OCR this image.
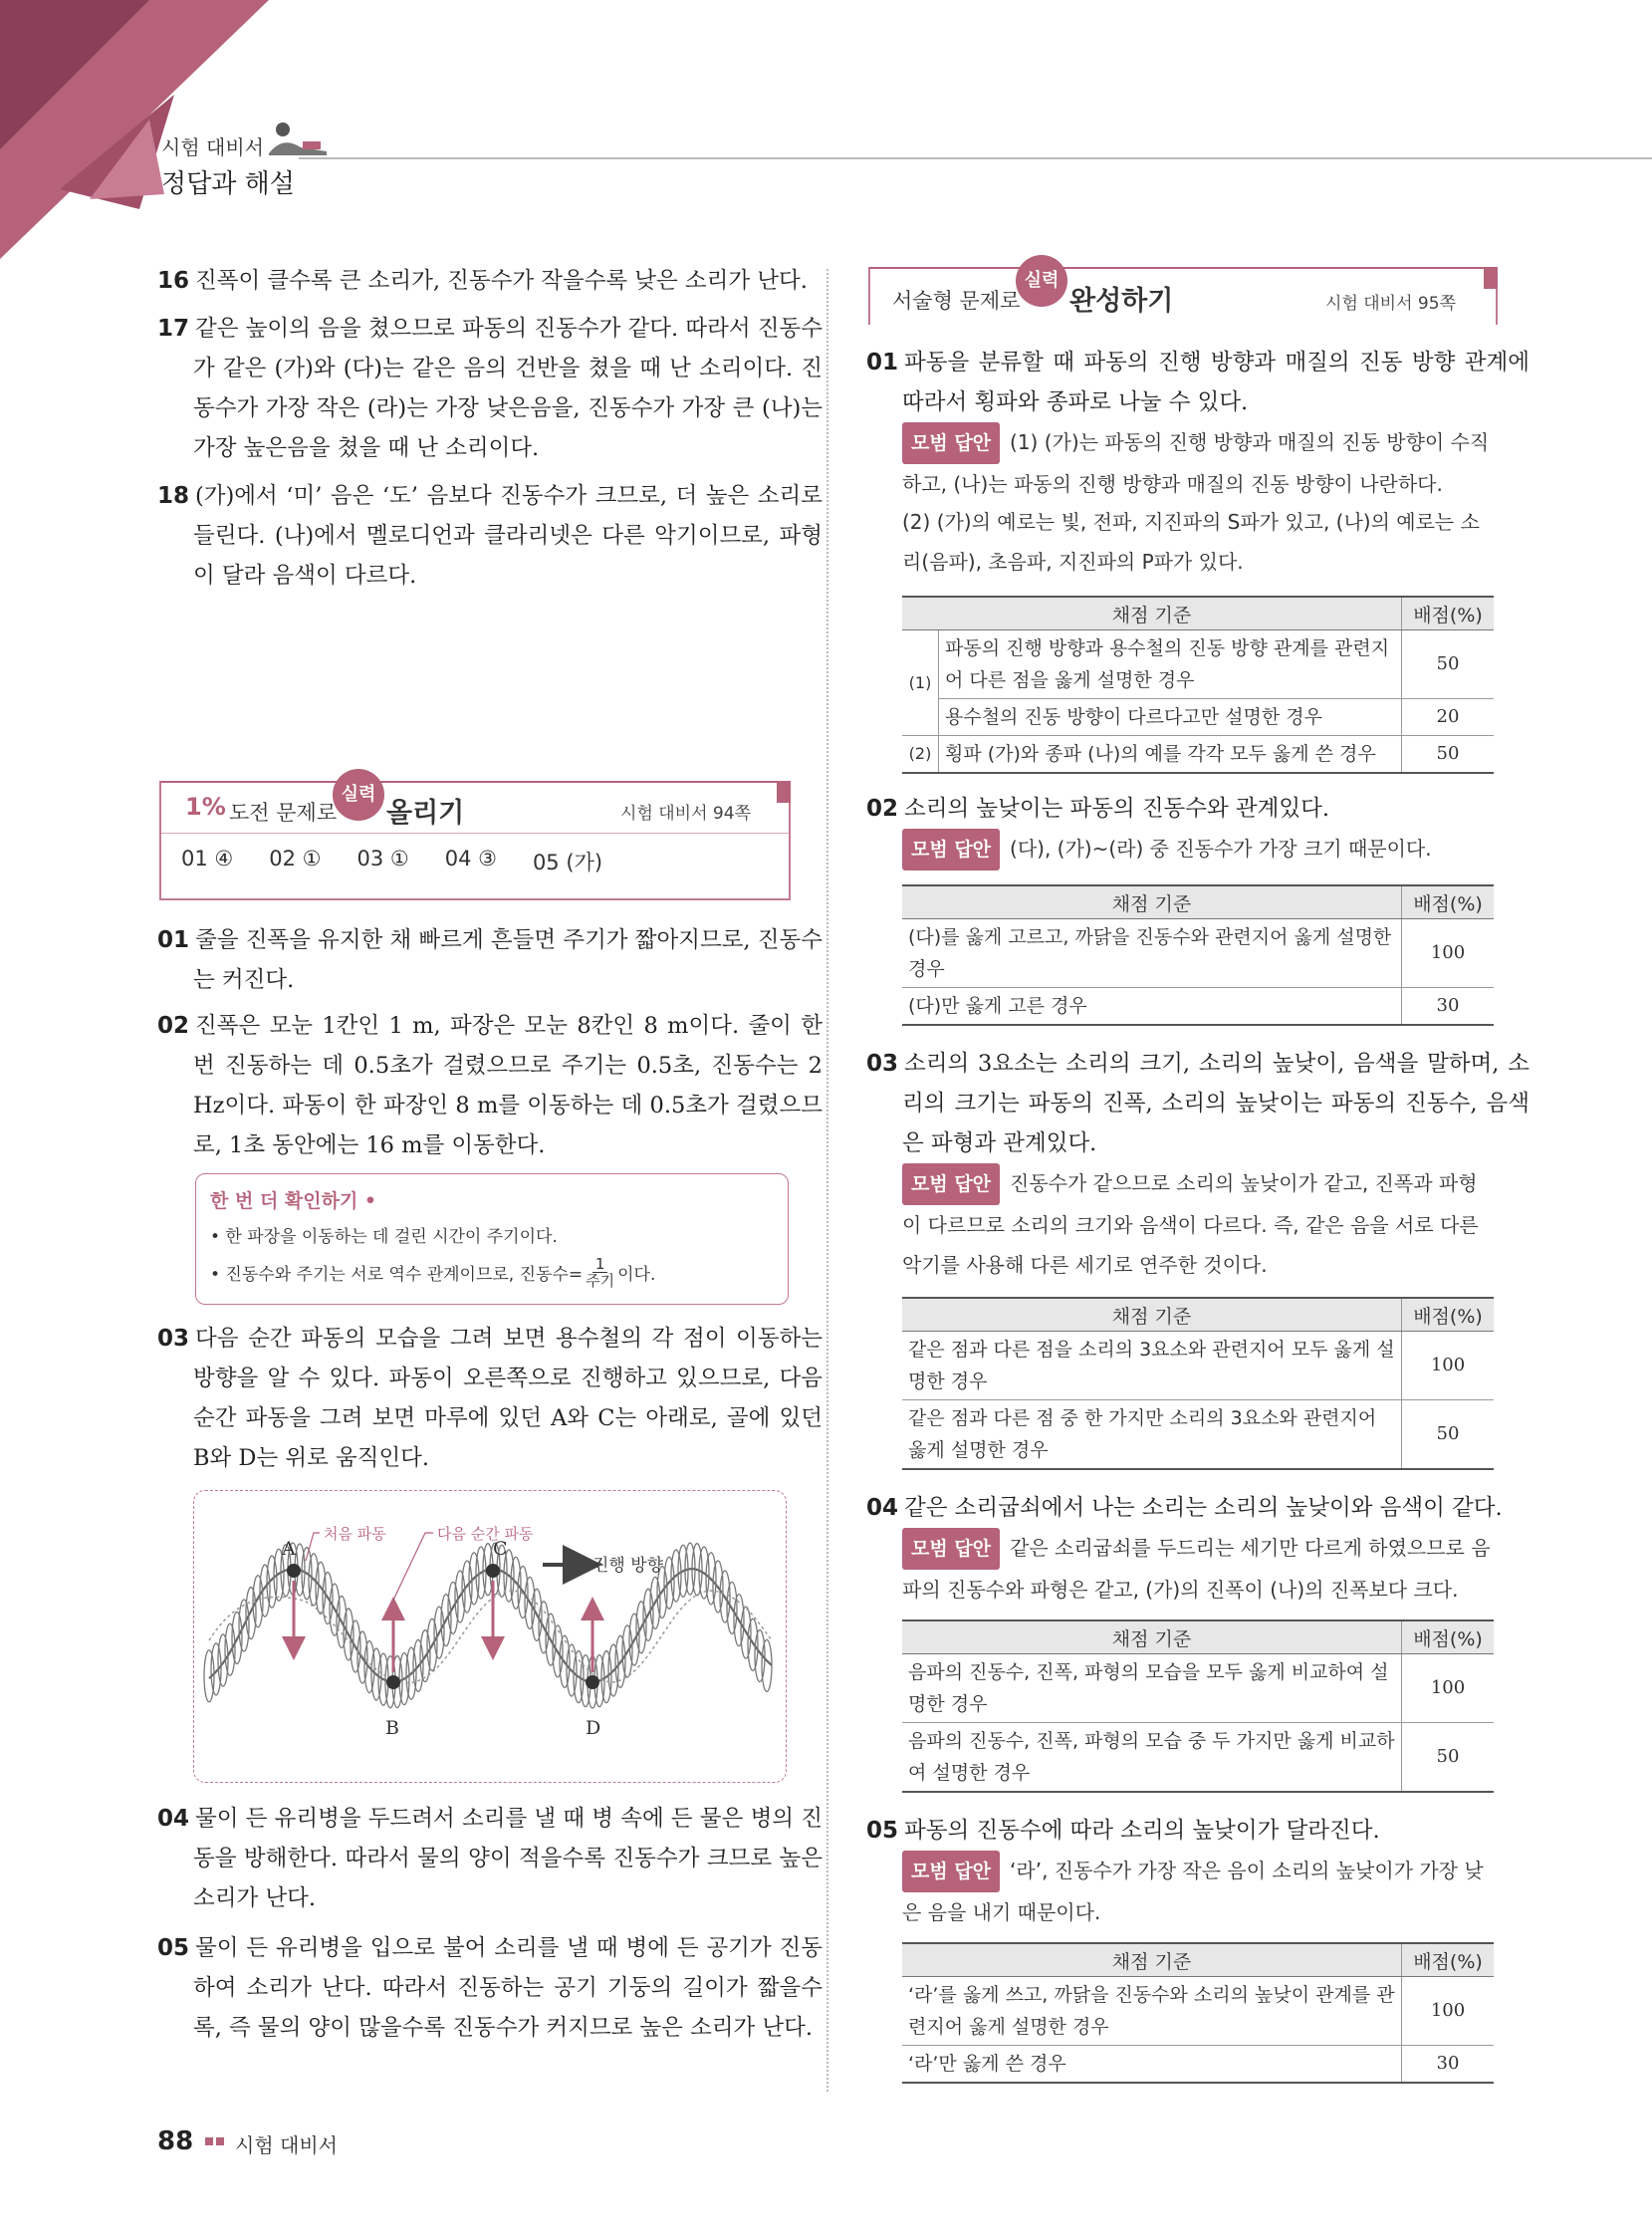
시험 대비서
정답과 해설
16 진폭이 클수록 큰 소리가, 진동수가 작을수록 낮은 소리가 난다.
17 같은 높이의 음을 쳤으므로 파동의 진동수가 같다. 따라서 진동수가 같은 (가)와 (다)는 같은 음의 건반을 쳤을 때 난 소리이다. 진동수가 가장 작은 (라)는 가장 낮은음을, 진동수가 가장 큰 (나)는 가장 높은음을 쳤을 때 난 소리이다.
18 (가)에서 ‘미’ 음은 ‘도’ 음보다 진동수가 크므로, 더 높은 소리로 들린다. (나)에서 멜로디언과 클라리넷은 다른 악기이므로, 파형이 달라 음색이 다르다.
1% 도전 문제로
실력
올리기	시험 대비서 94쪽
01 ④ 02 ① 03 ① 04 ③ 05 (가)
01 줄을 진폭을 유지한 채 빠르게 흔들면 주기가 짧아지므로, 진동수는 커진다.
02 진폭은 모눈 1칸인 1 m, 파장은 모눈 8칸인 8 m이다. 줄이 한 번 진동하는 데 0.5초가 걸렸으므로 주기는 0.5초, 진동수는 2 Hz이다. 파동이 한 파장인 8 m를 이동하는 데 0.5초가 걸렸으므로, 1초 동안에는 16 m를 이동한다.
한 번 더 확인하기 •
• 한 파장을 이동하는 데 걸린 시간이 주기이다.
• 진동수와 주기는 서로 역수 관계이므로, 진동수=
1
주기 이다.
03 다음 순간 파동의 모습을 그려 보면 용수철의 각 점이 이동하는 방향을 알 수 있다. 파동이 오른쪽으로 진행하고 있으므로, 다음 순간 파동을 그려 보면 마루에 있던 A와 C는 아래로, 골에 있던 B와 D는 위로 움직인다.
A
B
C
D
처음 파동	다음 순간 파동
진행 방향
04 물이 든 유리병을 두드려서 소리를 낼 때 병 속에 든 물은 병의 진동을 방해한다. 따라서 물의 양이 적을수록 진동수가 크므로 높은 소리가 난다.
05 물이 든 유리병을 입으로 불어 소리를 낼 때 병에 든 공기가 진동하여 소리가 난다. 따라서 진동하는 공기 기둥의 길이가 짧을수록, 즉 물의 양이 많을수록 진동수가 커지므로 높은 소리가 난다.
서술형 문제로
실력
완성하기	시험 대비서 95쪽
01 파동을 분류할 때 파동의 진행 방향과 매질의 진동 방향 관계에 따라서 횡파와 종파로 나눌 수 있다.
모범 답안 (1) (가)는 파동의 진행 방향과 매질의 진동 방향이 수직하고, (나)는 파동의 진행 방향과 매질의 진동 방향이 나란하다.
(2) (가)의 예로는 빛, 전파, 지진파의 S파가 있고, (나)의 예로는 소리(음파), 초음파, 지진파의 P파가 있다.
채점 기준		배점(%)
(1)	파동의 진행 방향과 용수철의 진동 방향 관계를 관련지어 다른 점을 옳게 설명한 경우	50
	용수철의 진동 방향이 다르다고만 설명한 경우	20
(2)	횡파 (가)와 종파 (나)의 예를 각각 모두 옳게 쓴 경우	50
02 소리의 높낮이는 파동의 진동수와 관계있다.
모범 답안 (다), (가)~(라) 중 진동수가 가장 크기 때문이다.
채점 기준	배점(%)
(다)를 옳게 고르고, 까닭을 진동수와 관련지어 옳게 설명한 경우	100
(다)만 옳게 고른 경우	30
03 소리의 3요소는 소리의 크기, 소리의 높낮이, 음색을 말하며, 소리의 크기는 파동의 진폭, 소리의 높낮이는 파동의 진동수, 음색은 파형과 관계있다.
모범 답안 진동수가 같으므로 소리의 높낮이가 같고, 진폭과 파형이 다르므로 소리의 크기와 음색이 다르다. 즉, 같은 음을 서로 다른 악기를 사용해 다른 세기로 연주한 것이다.
채점 기준	배점(%)
같은 점과 다른 점을 소리의 3요소와 관련지어 모두 옳게 설명한 경우	100
같은 점과 다른 점 중 한 가지만 소리의 3요소와 관련지어 옳게 설명한 경우	50
04 같은 소리굽쇠에서 나는 소리는 소리의 높낮이와 음색이 같다.
모범 답안 같은 소리굽쇠를 두드리는 세기만 다르게 하였으므로 음파의 진동수와 파형은 같고, (가)의 진폭이 (나)의 진폭보다 크다.
채점 기준	배점(%)
음파의 진동수, 진폭, 파형의 모습을 모두 옳게 비교하여 설명한 경우	100
음파의 진동수, 진폭, 파형의 모습 중 두 가지만 옳게 비교하여 설명한 경우	50
05 파동의 진동수에 따라 소리의 높낮이가 달라진다.
모범 답안 ‘라’, 진동수가 가장 작은 음이 소리의 높낮이가 가장 낮은 음을 내기 때문이다.
채점 기준	배점(%)
‘라’를 옳게 쓰고, 까닭을 진동수와 소리의 높낮이 관계를 관련지어 옳게 설명한 경우	100
‘라’만 옳게 쓴 경우	30
88 시험 대비서
